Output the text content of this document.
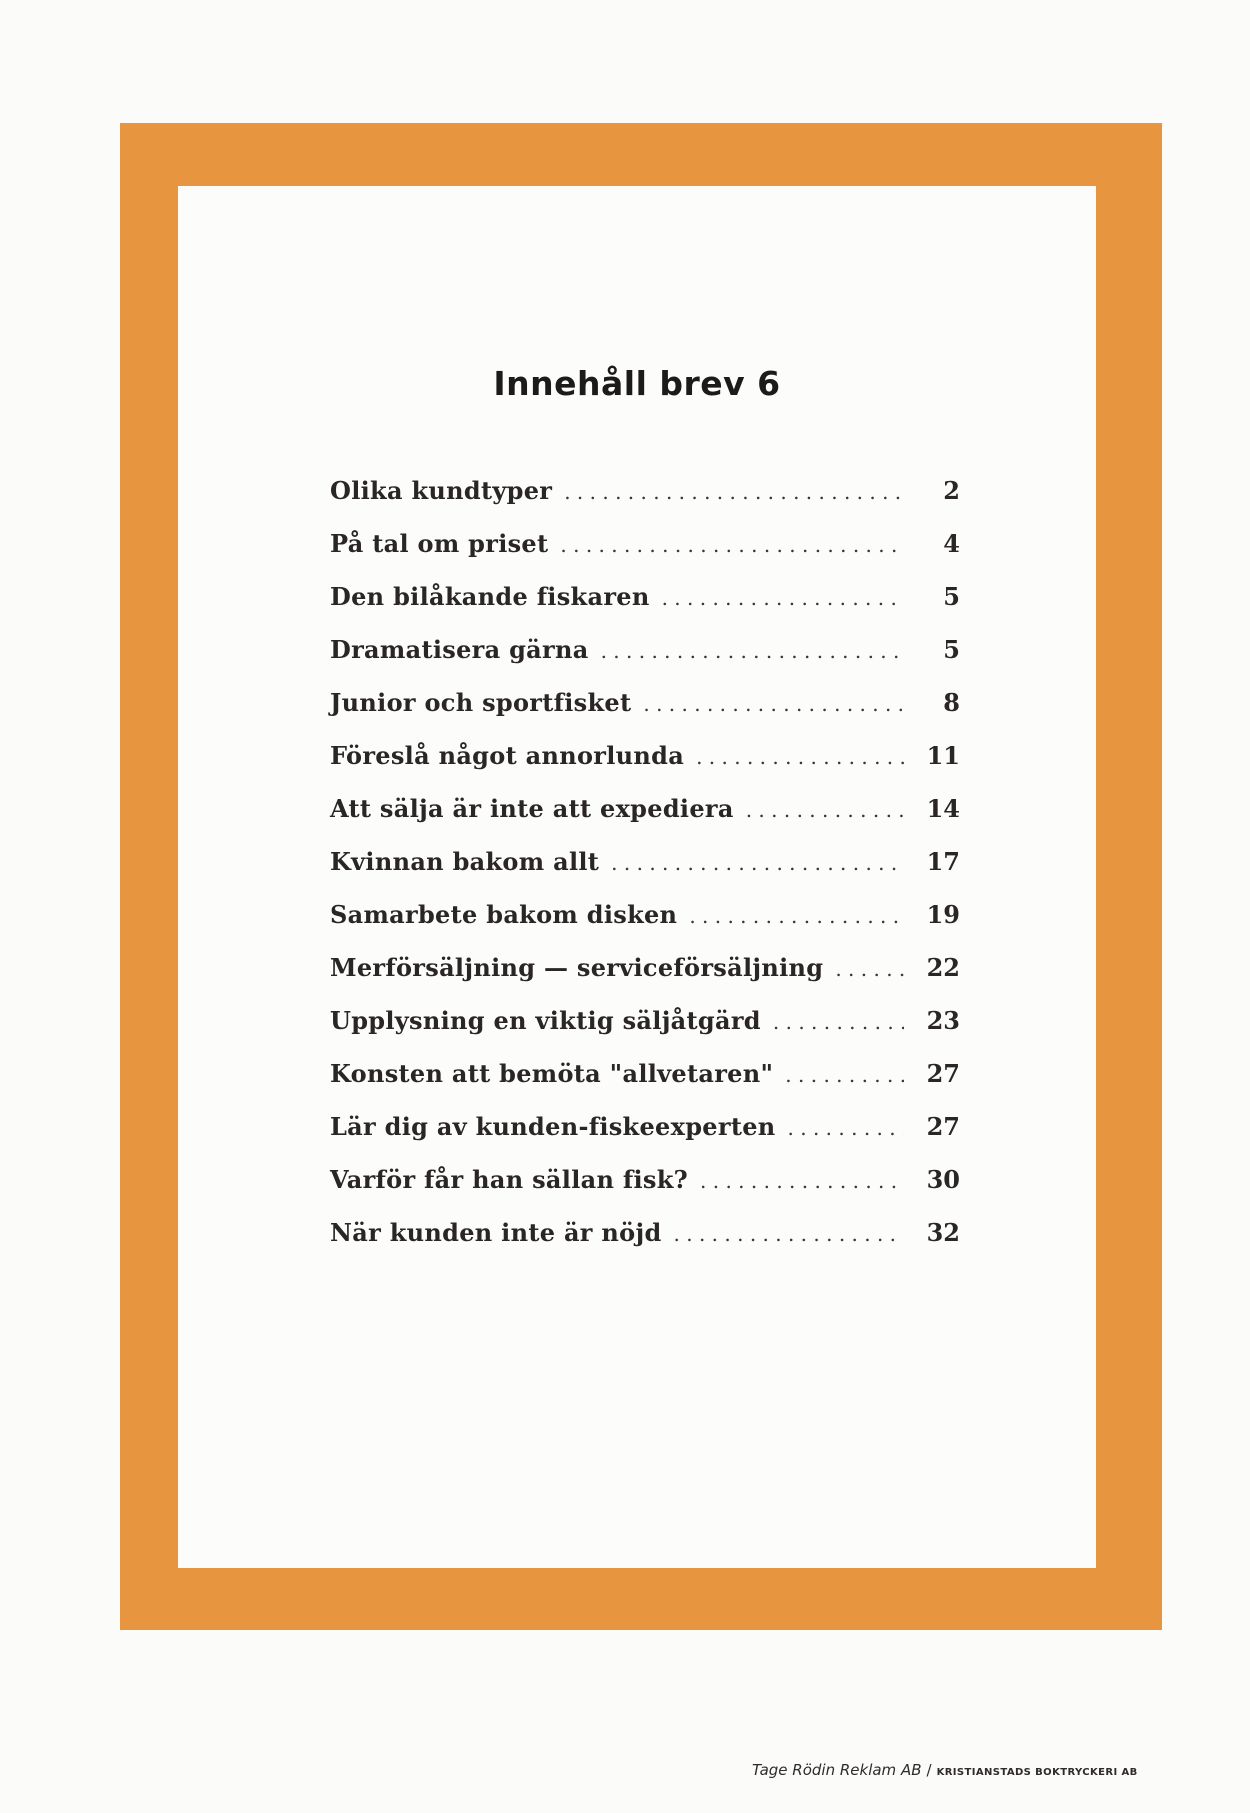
Innehåll brev 6
Olika kundtyper . . .	2
På tal om priset . . .	4
Den bilåkande fiskaren . . .	5
Dramatisera gärna . . .	5
Junior och sportfisket . . .	8
Föreslå något annorlunda . . .	11
Att sälja är inte att expediera . . .	14
Kvinnan bakom allt . . .	17
Samarbete bakom disken . . .	19
Merförsäljning — serviceförsäljning . . .	22
Upplysning en viktig säljåtgärd . . .	23
Konsten att bemöta "allvetaren" . . .	27
Lär dig av kunden-fiskeexperten . . .	27
Varför får han sällan fisk? . . .	30
När kunden inte är nöjd . . .	32
Tage Rödin Reklam AB / KRISTIANSTADS BOKTRYCKERI AB
